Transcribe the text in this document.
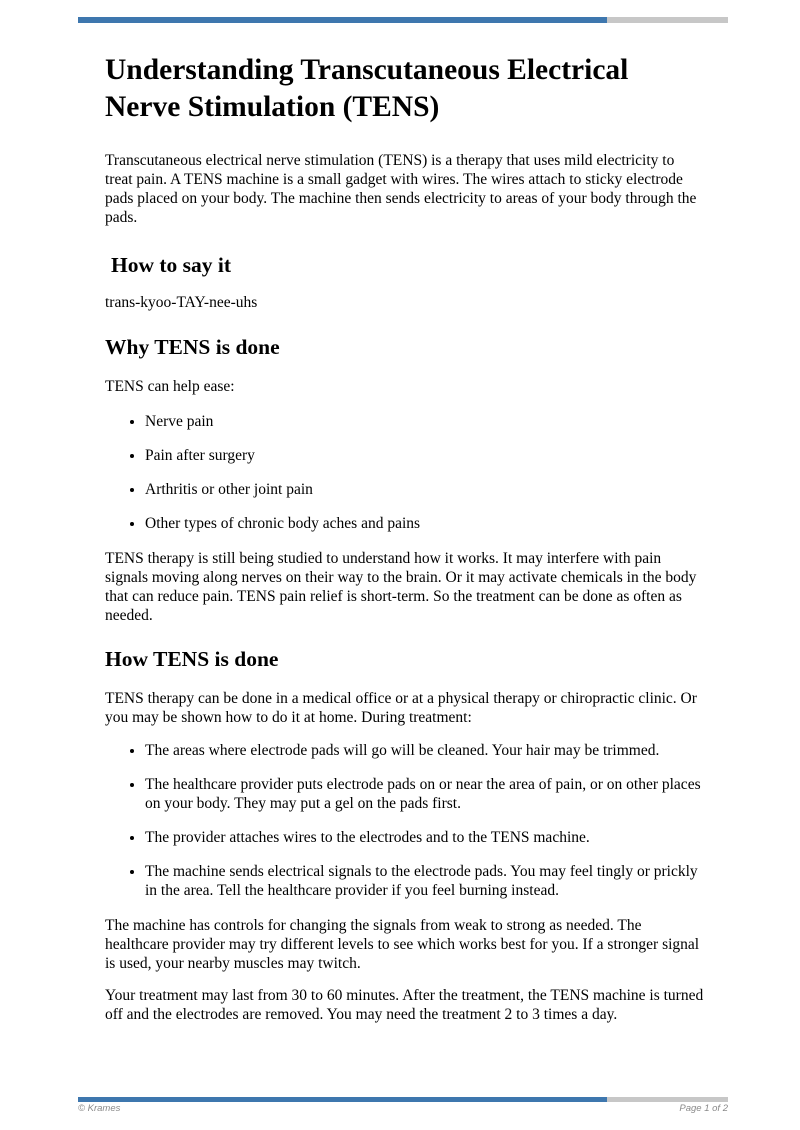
Understanding Transcutaneous Electrical Nerve Stimulation (TENS)

Transcutaneous electrical nerve stimulation (TENS) is a therapy that uses mild electricity to treat pain. A TENS machine is a small gadget with wires. The wires attach to sticky electrode pads placed on your body. The machine then sends electricity to areas of your body through the pads.

How to say it

trans-kyoo-TAY-nee-uhs

Why TENS is done

TENS can help ease:

• Nerve pain
• Pain after surgery
• Arthritis or other joint pain
• Other types of chronic body aches and pains

TENS therapy is still being studied to understand how it works. It may interfere with pain signals moving along nerves on their way to the brain. Or it may activate chemicals in the body that can reduce pain. TENS pain relief is short-term. So the treatment can be done as often as needed.

How TENS is done

TENS therapy can be done in a medical office or at a physical therapy or chiropractic clinic. Or you may be shown how to do it at home. During treatment:

• The areas where electrode pads will go will be cleaned. Your hair may be trimmed.
• The healthcare provider puts electrode pads on or near the area of pain, or on other places on your body. They may put a gel on the pads first.
• The provider attaches wires to the electrodes and to the TENS machine.
• The machine sends electrical signals to the electrode pads. You may feel tingly or prickly in the area. Tell the healthcare provider if you feel burning instead.

The machine has controls for changing the signals from weak to strong as needed. The healthcare provider may try different levels to see which works best for you. If a stronger signal is used, your nearby muscles may twitch.

Your treatment may last from 30 to 60 minutes. After the treatment, the TENS machine is turned off and the electrodes are removed. You may need the treatment 2 to 3 times a day.

© Krames	Page 1 of 2
